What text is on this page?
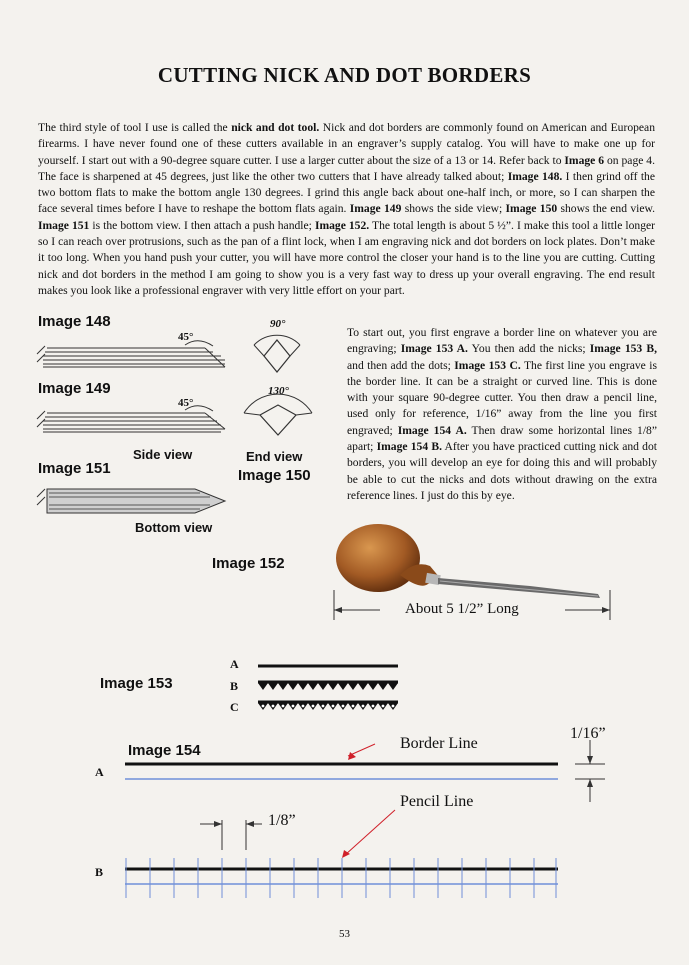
CUTTING NICK AND DOT BORDERS
The third style of tool I use is called the nick and dot tool. Nick and dot borders are commonly found on American and European firearms. I have never found one of these cutters available in an engraver’s supply catalog. You will have to make one up for yourself. I start out with a 90-degree square cutter. I use a larger cutter about the size of a 13 or 14. Refer back to Image 6 on page 4. The face is sharpened at 45 degrees, just like the other two cutters that I have already talked about; Image 148. I then grind off the two bottom flats to make the bottom angle 130 degrees. I grind this angle back about one-half inch, or more, so I can sharpen the face several times before I have to reshape the bottom flats again. Image 149 shows the side view; Image 150 shows the end view. Image 151 is the bottom view. I then attach a push handle; Image 152. The total length is about 5 ½”. I make this tool a little longer so I can reach over protrusions, such as the pan of a flint lock, when I am engraving nick and dot borders on lock plates. Don’t make it too long. When you hand push your cutter, you will have more control the closer your hand is to the line you are cutting. Cutting nick and dot borders in the method I am going to show you is a very fast way to dress up your overall engraving. The end result makes you look like a professional engraver with very little effort on your part.
Image 148
Image 149
Image 151	Image 150
Image 152
Image 153
Image 154
Side view	End view
Bottom view
45°
45°
90°
130°
To start out, you first engrave a border line on whatever you are engraving; Image 153 A. You then add the nicks; Image 153 B, and then add the dots; Image 153 C. The first line you engrave is the border line. It can be a straight or curved line. This is done with your square 90-degree cutter. You then draw a pencil line, used only for reference, 1/16” away from the line you first engraved; Image 154 A. Then draw some horizontal lines 1/8” apart; Image 154 B. After you have practiced cutting nick and dot borders, you will develop an eye for doing this and will probably be able to cut the nicks and dots without drawing on the extra reference lines. I just do this by eye.
About 5 1/2” Long
A
B
C
A
Border Line
1/16”
Pencil Line
B
1/8”
53
